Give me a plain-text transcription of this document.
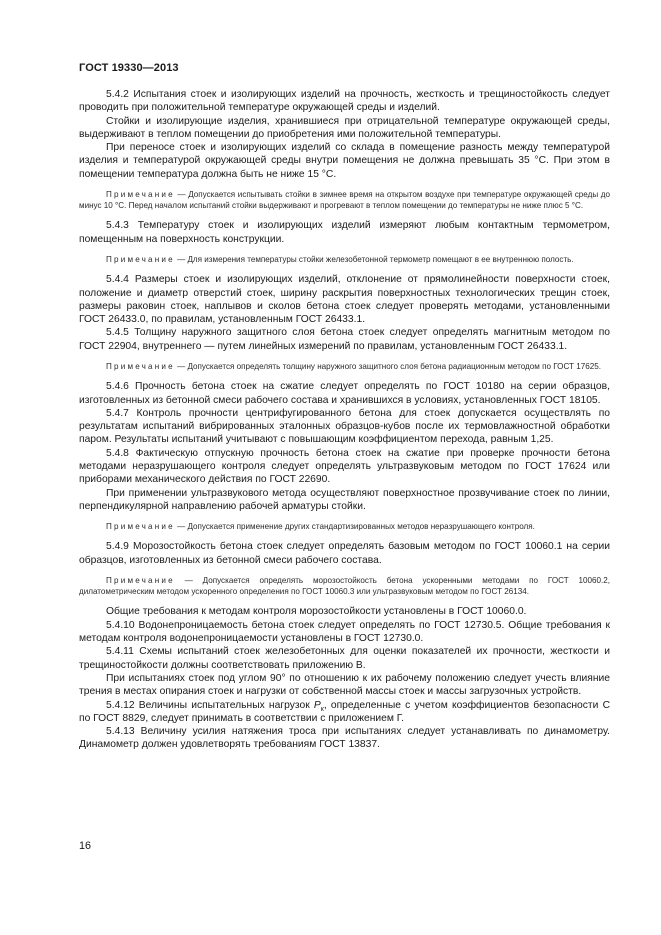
ГОСТ 19330—2013

5.4.2 Испытания стоек и изолирующих изделий на прочность, жесткость и трещиностойкость следует проводить при положительной температуре окружающей среды и изделий.

Стойки и изолирующие изделия, хранившиеся при отрицательной температуре окружающей среды, выдерживают в теплом помещении до приобретения ими положительной температуры.

При переносе стоек и изолирующих изделий со склада в помещение разность между температурой изделия и температурой окружающей среды внутри помещения не должна превышать 35 °С. При этом в помещении температура должна быть не ниже 15 °С.

Примечание — Допускается испытывать стойки в зимнее время на открытом воздухе при температуре окружающей среды до минус 10 °С. Перед началом испытаний стойки выдерживают и прогревают в теплом помещении до температуры не ниже плюс 5 °С.

5.4.3 Температуру стоек и изолирующих изделий измеряют любым контактным термометром, помещенным на поверхность конструкции.

Примечание — Для измерения температуры стойки железобетонной термометр помещают в ее внутреннюю полость.

5.4.4 Размеры стоек и изолирующих изделий, отклонение от прямолинейности поверхности стоек, положение и диаметр отверстий стоек, ширину раскрытия поверхностных технологических трещин стоек, размеры раковин стоек, наплывов и сколов бетона стоек следует проверять методами, установленными ГОСТ 26433.0, по правилам, установленным ГОСТ 26433.1.

5.4.5 Толщину наружного защитного слоя бетона стоек следует определять магнитным методом по ГОСТ 22904, внутреннего — путем линейных измерений по правилам, установленным ГОСТ 26433.1.

Примечание — Допускается определять толщину наружного защитного слоя бетона радиационным методом по ГОСТ 17625.

5.4.6 Прочность бетона стоек на сжатие следует определять по ГОСТ 10180 на серии образцов, изготовленных из бетонной смеси рабочего состава и хранившихся в условиях, установленных ГОСТ 18105.

5.4.7 Контроль прочности центрифугированного бетона для стоек допускается осуществлять по результатам испытаний вибрированных эталонных образцов-кубов после их термовлажностной обработки паром. Результаты испытаний учитывают с повышающим коэффициентом перехода, равным 1,25.

5.4.8 Фактическую отпускную прочность бетона стоек на сжатие при проверке прочности бетона методами неразрушающего контроля следует определять ультразвуковым методом по ГОСТ 17624 или приборами механического действия по ГОСТ 22690.

При применении ультразвукового метода осуществляют поверхностное прозвучивание стоек по линии, перпендикулярной направлению рабочей арматуры стойки.

Примечание — Допускается применение других стандартизированных методов неразрушающего контроля.

5.4.9 Морозостойкость бетона стоек следует определять базовым методом по ГОСТ 10060.1 на серии образцов, изготовленных из бетонной смеси рабочего состава.

Примечание — Допускается определять морозостойкость бетона ускоренными методами по ГОСТ 10060.2, дилатометрическим методом ускоренного определения по ГОСТ 10060.3 или ультразвуковым методом по ГОСТ 26134.

Общие требования к методам контроля морозостойкости установлены в ГОСТ 10060.0.

5.4.10 Водонепроницаемость бетона стоек следует определять по ГОСТ 12730.5. Общие требования к методам контроля водонепроницаемости установлены в ГОСТ 12730.0.

5.4.11 Схемы испытаний стоек железобетонных для оценки показателей их прочности, жесткости и трещиностойкости должны соответствовать приложению В.

При испытаниях стоек под углом 90° по отношению к их рабочему положению следует учесть влияние трения в местах опирания стоек и нагрузки от собственной массы стоек и массы загрузочных устройств.

5.4.12 Величины испытательных нагрузок $P_к$, определенные с учетом коэффициентов безопасности С по ГОСТ 8829, следует принимать в соответствии с приложением Г.

5.4.13 Величину усилия натяжения троса при испытаниях следует устанавливать по динамометру. Динамометр должен удовлетворять требованиям ГОСТ 13837.

16
